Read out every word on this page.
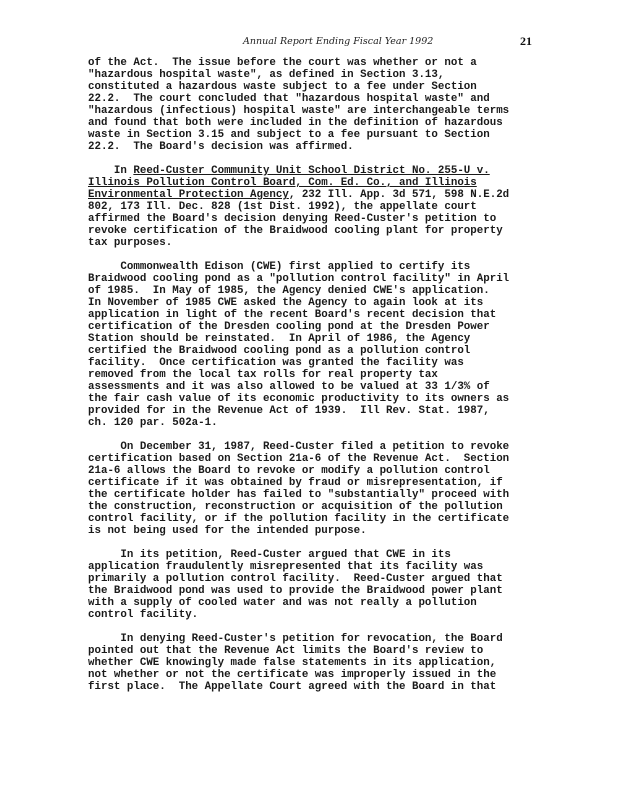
Annual Report Ending Fiscal Year 1992	21
of the Act.  The issue before the court was whether or not a
"hazardous hospital waste", as defined in Section 3.13,
constituted a hazardous waste subject to a fee under Section
22.2.  The court concluded that "hazardous hospital waste" and
"hazardous (infectious) hospital waste" are interchangeable terms
and found that both were included in the definition of hazardous
waste in Section 3.15 and subject to a fee pursuant to Section
22.2.  The Board's decision was affirmed.
In Reed-Custer Community Unit School District No. 255-U v.
Illinois Pollution Control Board, Com. Ed. Co., and Illinois
Environmental Protection Agency, 232 Ill. App. 3d 571, 598 N.E.2d
802, 173 Ill. Dec. 828 (1st Dist. 1992), the appellate court
affirmed the Board's decision denying Reed-Custer's petition to
revoke certification of the Braidwood cooling plant for property
tax purposes.
Commonwealth Edison (CWE) first applied to certify its
Braidwood cooling pond as a "pollution control facility" in April
of 1985.  In May of 1985, the Agency denied CWE's application.
In November of 1985 CWE asked the Agency to again look at its
application in light of the recent Board's recent decision that
certification of the Dresden cooling pond at the Dresden Power
Station should be reinstated.  In April of 1986, the Agency
certified the Braidwood cooling pond as a pollution control
facility.  Once certification was granted the facility was
removed from the local tax rolls for real property tax
assessments and it was also allowed to be valued at 33 1/3% of
the fair cash value of its economic productivity to its owners as
provided for in the Revenue Act of 1939.  Ill Rev. Stat. 1987,
ch. 120 par. 502a-1.
On December 31, 1987, Reed-Custer filed a petition to revoke
certification based on Section 21a-6 of the Revenue Act.  Section
21a-6 allows the Board to revoke or modify a pollution control
certificate if it was obtained by fraud or misrepresentation, if
the certificate holder has failed to "substantially" proceed with
the construction, reconstruction or acquisition of the pollution
control facility, or if the pollution facility in the certificate
is not being used for the intended purpose.
In its petition, Reed-Custer argued that CWE in its
application fraudulently misrepresented that its facility was
primarily a pollution control facility.  Reed-Custer argued that
the Braidwood pond was used to provide the Braidwood power plant
with a supply of cooled water and was not really a pollution
control facility.
In denying Reed-Custer's petition for revocation, the Board
pointed out that the Revenue Act limits the Board's review to
whether CWE knowingly made false statements in its application,
not whether or not the certificate was improperly issued in the
first place.  The Appellate Court agreed with the Board in that
